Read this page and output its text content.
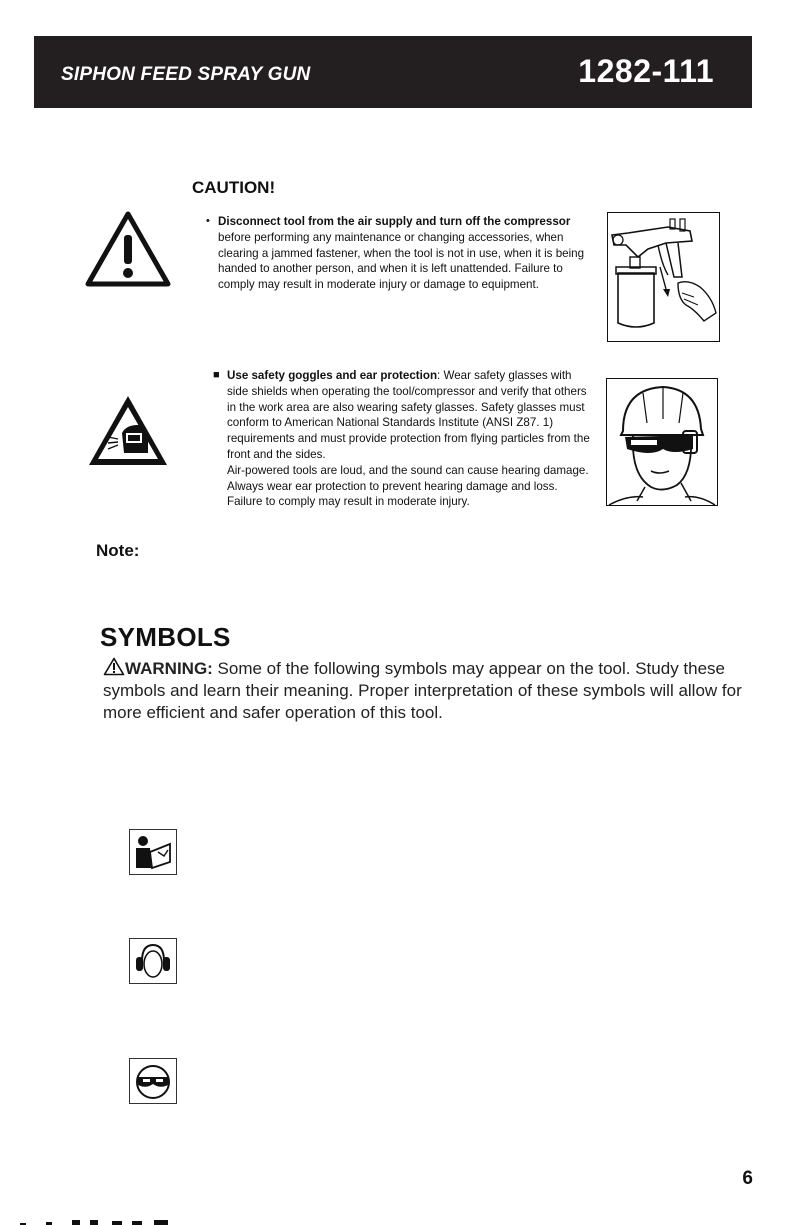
SIPHON FEED SPRAY GUN	1282-111
CAUTION!
• Disconnect tool from the air supply and turn off the compressor before performing any maintenance or changing accessories, when clearing a jammed fastener, when the tool is not in use, when it is being handed to another person, and when it is left unattended. Failure to comply may result in moderate injury or damage to equipment.
■ Use safety goggles and ear protection: Wear safety glasses with side shields when operating the tool/compressor and verify that others in the work area are also wearing safety glasses. Safety glasses must conform to American National Standards Institute (ANSI Z87. 1) requirements and must provide protection from flying particles from the front and the sides.
Air-powered tools are loud, and the sound can cause hearing damage. Always wear ear protection to prevent hearing damage and loss. Failure to comply may result in moderate injury.
Note:
SYMBOLS
WARNING: Some of the following symbols may appear on the tool. Study these symbols and learn their meaning. Proper interpretation of these symbols will allow for more efficient and safer operation of this tool.
6
